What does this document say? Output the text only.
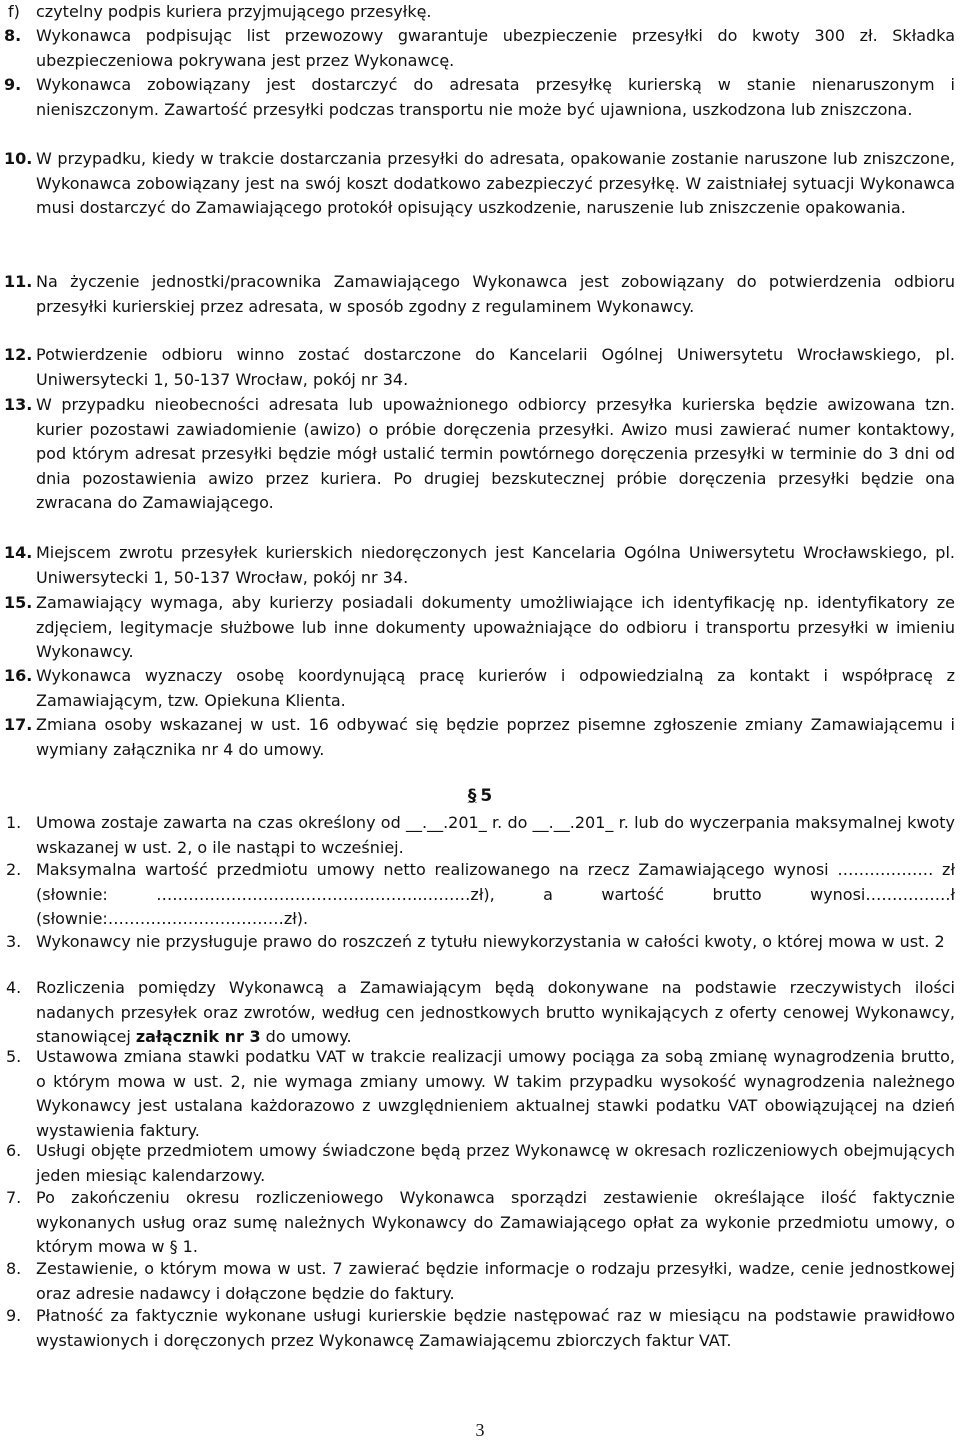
f) czytelny podpis kuriera przyjmującego przesyłkę.
8. Wykonawca podpisując list przewozowy gwarantuje ubezpieczenie przesyłki do kwoty 300 zł. Składka ubezpieczeniowa pokrywana jest przez Wykonawcę.
9. Wykonawca zobowiązany jest dostarczyć do adresata przesyłkę kurierską w stanie nienaruszonym i nieniszczonym. Zawartość przesyłki podczas transportu nie może być ujawniona, uszkodzona lub zniszczona.
10. W przypadku, kiedy w trakcie dostarczania przesyłki do adresata, opakowanie zostanie naruszone lub zniszczone, Wykonawca zobowiązany jest na swój koszt dodatkowo zabezpieczyć przesyłkę. W zaistniałej sytuacji Wykonawca musi dostarczyć do Zamawiającego protokół opisujący uszkodzenie, naruszenie lub zniszczenie opakowania.
11. Na życzenie jednostki/pracownika Zamawiającego Wykonawca jest zobowiązany do potwierdzenia odbioru przesyłki kurierskiej przez adresata, w sposób zgodny z regulaminem Wykonawcy.
12. Potwierdzenie odbioru winno zostać dostarczone do Kancelarii Ogólnej Uniwersytetu Wrocławskiego, pl. Uniwersytecki 1, 50-137 Wrocław, pokój nr 34.
13. W przypadku nieobecności adresata lub upoważnionego odbiorcy przesyłka kurierska będzie awizowana tzn. kurier pozostawi zawiadomienie (awizo) o próbie doręczenia przesyłki. Awizo musi zawierać numer kontaktowy, pod którym adresat przesyłki będzie mógł ustalić termin powtórnego doręczenia przesyłki w terminie do 3 dni od dnia pozostawienia awizo przez kuriera. Po drugiej bezskutecznej próbie doręczenia przesyłki będzie ona zwracana do Zamawiającego.
14. Miejscem zwrotu przesyłek kurierskich niedoręczonych jest Kancelaria Ogólna Uniwersytetu Wrocławskiego, pl. Uniwersytecki 1, 50-137 Wrocław, pokój nr 34.
15. Zamawiający wymaga, aby kurierzy posiadali dokumenty umożliwiające ich identyfikację np. identyfikatory ze zdjęciem, legitymacje służbowe lub inne dokumenty upoważniające do odbioru i transportu przesyłki w imieniu Wykonawcy.
16. Wykonawca wyznaczy osobę koordynującą pracę kurierów i odpowiedzialną za kontakt i współpracę z Zamawiającym, tzw. Opiekuna Klienta.
17. Zmiana osoby wskazanej w ust. 16 odbywać się będzie poprzez pisemne zgłoszenie zmiany Zamawiającemu i wymiany załącznika nr 4 do umowy.
§ 5
1. Umowa zostaje zawarta na czas określony od __.__.201_ r. do __.__.201_ r. lub do wyczerpania maksymalnej kwoty wskazanej w ust. 2, o ile nastąpi to wcześniej.
2. Maksymalna wartość przedmiotu umowy netto realizowanego na rzecz Zamawiającego wynosi ……………… zł (słownie: …………………………………………..………zł), a wartość brutto wynosi…………….ł (słownie:……………………………zł).
3. Wykonawcy nie przysługuje prawo do roszczeń z tytułu niewykorzystania w całości kwoty, o której mowa w ust. 2
4. Rozliczenia pomiędzy Wykonawcą a Zamawiającym będą dokonywane na podstawie rzeczywistych ilości nadanych przesyłek oraz zwrotów, według cen jednostkowych brutto wynikających z oferty cenowej Wykonawcy, stanowiącej załącznik nr 3 do umowy.
5. Ustawowa zmiana stawki podatku VAT w trakcie realizacji umowy pociąga za sobą zmianę wynagrodzenia brutto, o którym mowa w ust. 2, nie wymaga zmiany umowy. W takim przypadku wysokość wynagrodzenia należnego Wykonawcy jest ustalana każdorazowo z uwzględnieniem aktualnej stawki podatku VAT obowiązującej na dzień wystawienia faktury.
6. Usługi objęte przedmiotem umowy świadczone będą przez Wykonawcę w okresach rozliczeniowych obejmujących jeden miesiąc kalendarzowy.
7. Po zakończeniu okresu rozliczeniowego Wykonawca sporządzi zestawienie określające ilość faktycznie wykonanych usług oraz sumę należnych Wykonawcy do Zamawiającego opłat za wykonie przedmiotu umowy, o którym mowa w § 1.
8. Zestawienie, o którym mowa w ust. 7 zawierać będzie informacje o rodzaju przesyłki, wadze, cenie jednostkowej oraz adresie nadawcy i dołączone będzie do faktury.
9. Płatność za faktycznie wykonane usługi kurierskie będzie następować raz w miesiącu na podstawie prawidłowo wystawionych i doręczonych przez Wykonawcę Zamawiającemu zbiorczych faktur VAT.
3
